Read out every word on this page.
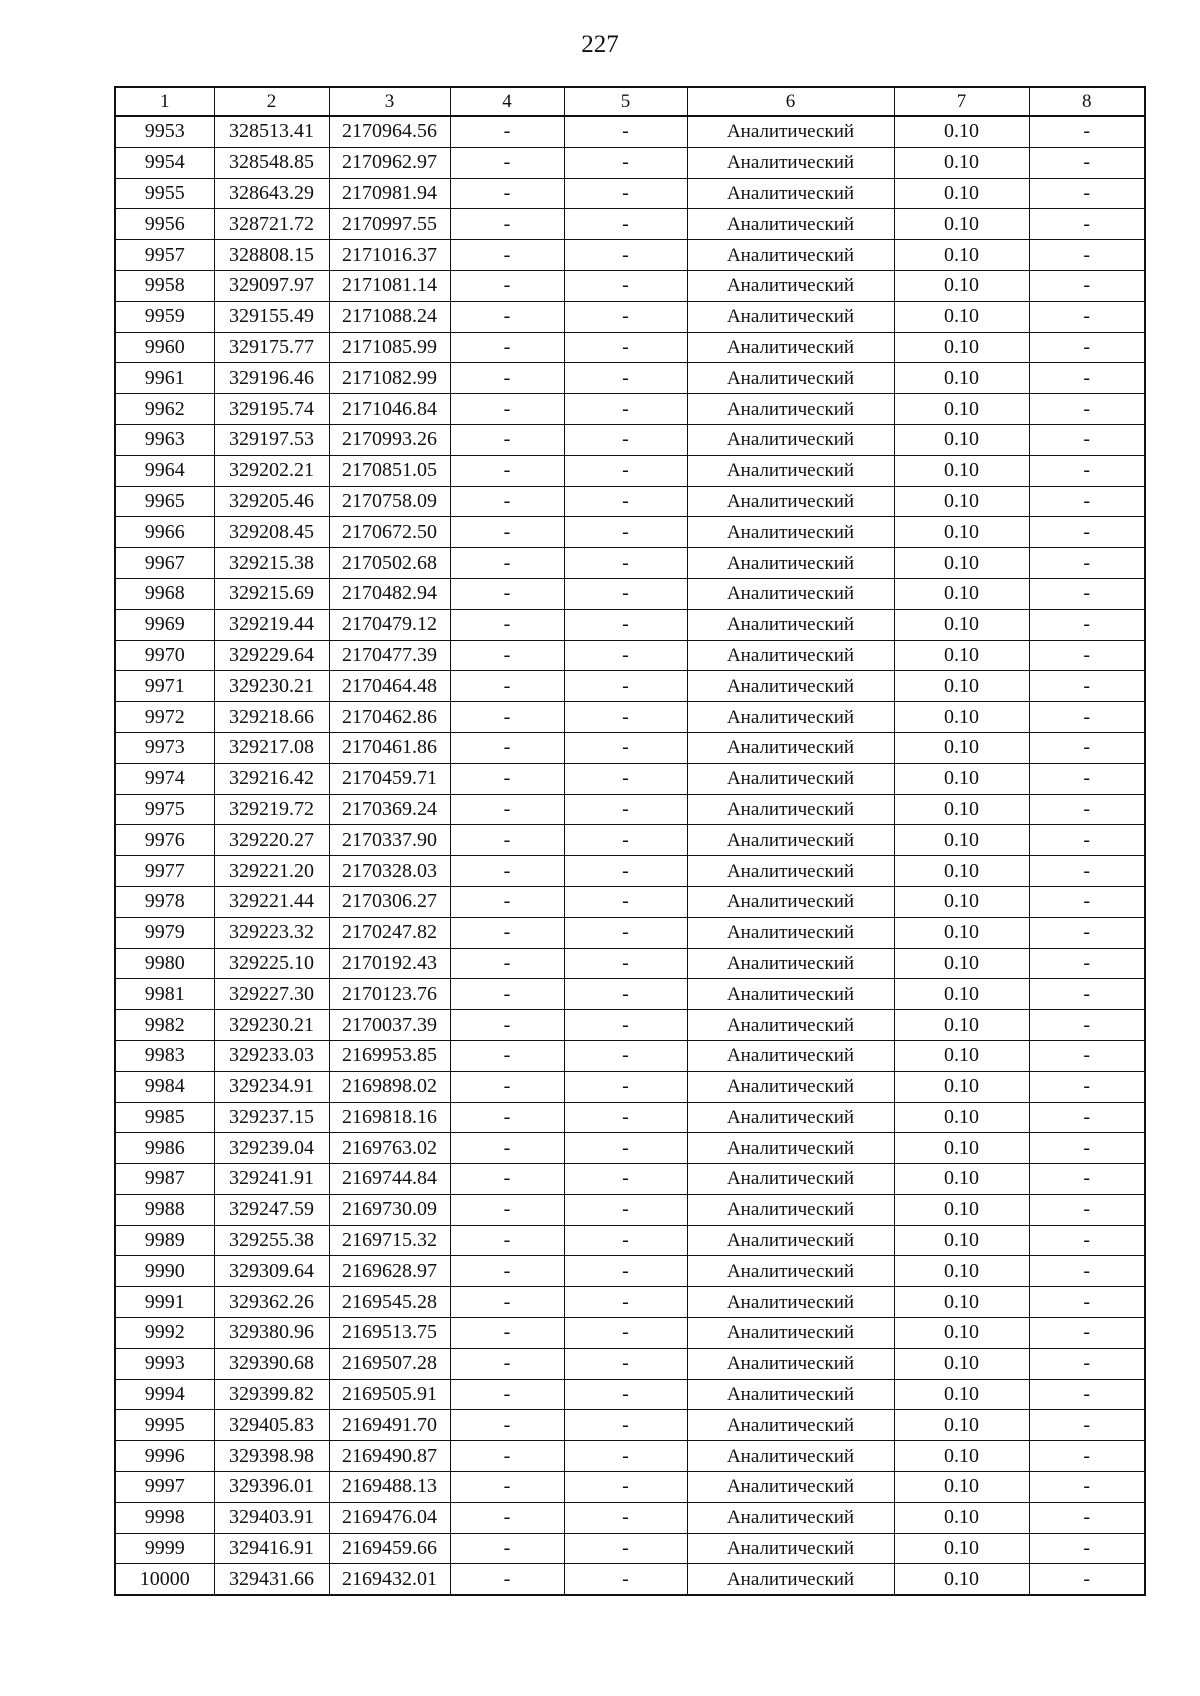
227
1	2	3	4	5	6	7	8
9953	328513.41	2170964.56	-	-	Аналитический	0.10	-
9954	328548.85	2170962.97	-	-	Аналитический	0.10	-
9955	328643.29	2170981.94	-	-	Аналитический	0.10	-
9956	328721.72	2170997.55	-	-	Аналитический	0.10	-
9957	328808.15	2171016.37	-	-	Аналитический	0.10	-
9958	329097.97	2171081.14	-	-	Аналитический	0.10	-
9959	329155.49	2171088.24	-	-	Аналитический	0.10	-
9960	329175.77	2171085.99	-	-	Аналитический	0.10	-
9961	329196.46	2171082.99	-	-	Аналитический	0.10	-
9962	329195.74	2171046.84	-	-	Аналитический	0.10	-
9963	329197.53	2170993.26	-	-	Аналитический	0.10	-
9964	329202.21	2170851.05	-	-	Аналитический	0.10	-
9965	329205.46	2170758.09	-	-	Аналитический	0.10	-
9966	329208.45	2170672.50	-	-	Аналитический	0.10	-
9967	329215.38	2170502.68	-	-	Аналитический	0.10	-
9968	329215.69	2170482.94	-	-	Аналитический	0.10	-
9969	329219.44	2170479.12	-	-	Аналитический	0.10	-
9970	329229.64	2170477.39	-	-	Аналитический	0.10	-
9971	329230.21	2170464.48	-	-	Аналитический	0.10	-
9972	329218.66	2170462.86	-	-	Аналитический	0.10	-
9973	329217.08	2170461.86	-	-	Аналитический	0.10	-
9974	329216.42	2170459.71	-	-	Аналитический	0.10	-
9975	329219.72	2170369.24	-	-	Аналитический	0.10	-
9976	329220.27	2170337.90	-	-	Аналитический	0.10	-
9977	329221.20	2170328.03	-	-	Аналитический	0.10	-
9978	329221.44	2170306.27	-	-	Аналитический	0.10	-
9979	329223.32	2170247.82	-	-	Аналитический	0.10	-
9980	329225.10	2170192.43	-	-	Аналитический	0.10	-
9981	329227.30	2170123.76	-	-	Аналитический	0.10	-
9982	329230.21	2170037.39	-	-	Аналитический	0.10	-
9983	329233.03	2169953.85	-	-	Аналитический	0.10	-
9984	329234.91	2169898.02	-	-	Аналитический	0.10	-
9985	329237.15	2169818.16	-	-	Аналитический	0.10	-
9986	329239.04	2169763.02	-	-	Аналитический	0.10	-
9987	329241.91	2169744.84	-	-	Аналитический	0.10	-
9988	329247.59	2169730.09	-	-	Аналитический	0.10	-
9989	329255.38	2169715.32	-	-	Аналитический	0.10	-
9990	329309.64	2169628.97	-	-	Аналитический	0.10	-
9991	329362.26	2169545.28	-	-	Аналитический	0.10	-
9992	329380.96	2169513.75	-	-	Аналитический	0.10	-
9993	329390.68	2169507.28	-	-	Аналитический	0.10	-
9994	329399.82	2169505.91	-	-	Аналитический	0.10	-
9995	329405.83	2169491.70	-	-	Аналитический	0.10	-
9996	329398.98	2169490.87	-	-	Аналитический	0.10	-
9997	329396.01	2169488.13	-	-	Аналитический	0.10	-
9998	329403.91	2169476.04	-	-	Аналитический	0.10	-
9999	329416.91	2169459.66	-	-	Аналитический	0.10	-
10000	329431.66	2169432.01	-	-	Аналитический	0.10	-
